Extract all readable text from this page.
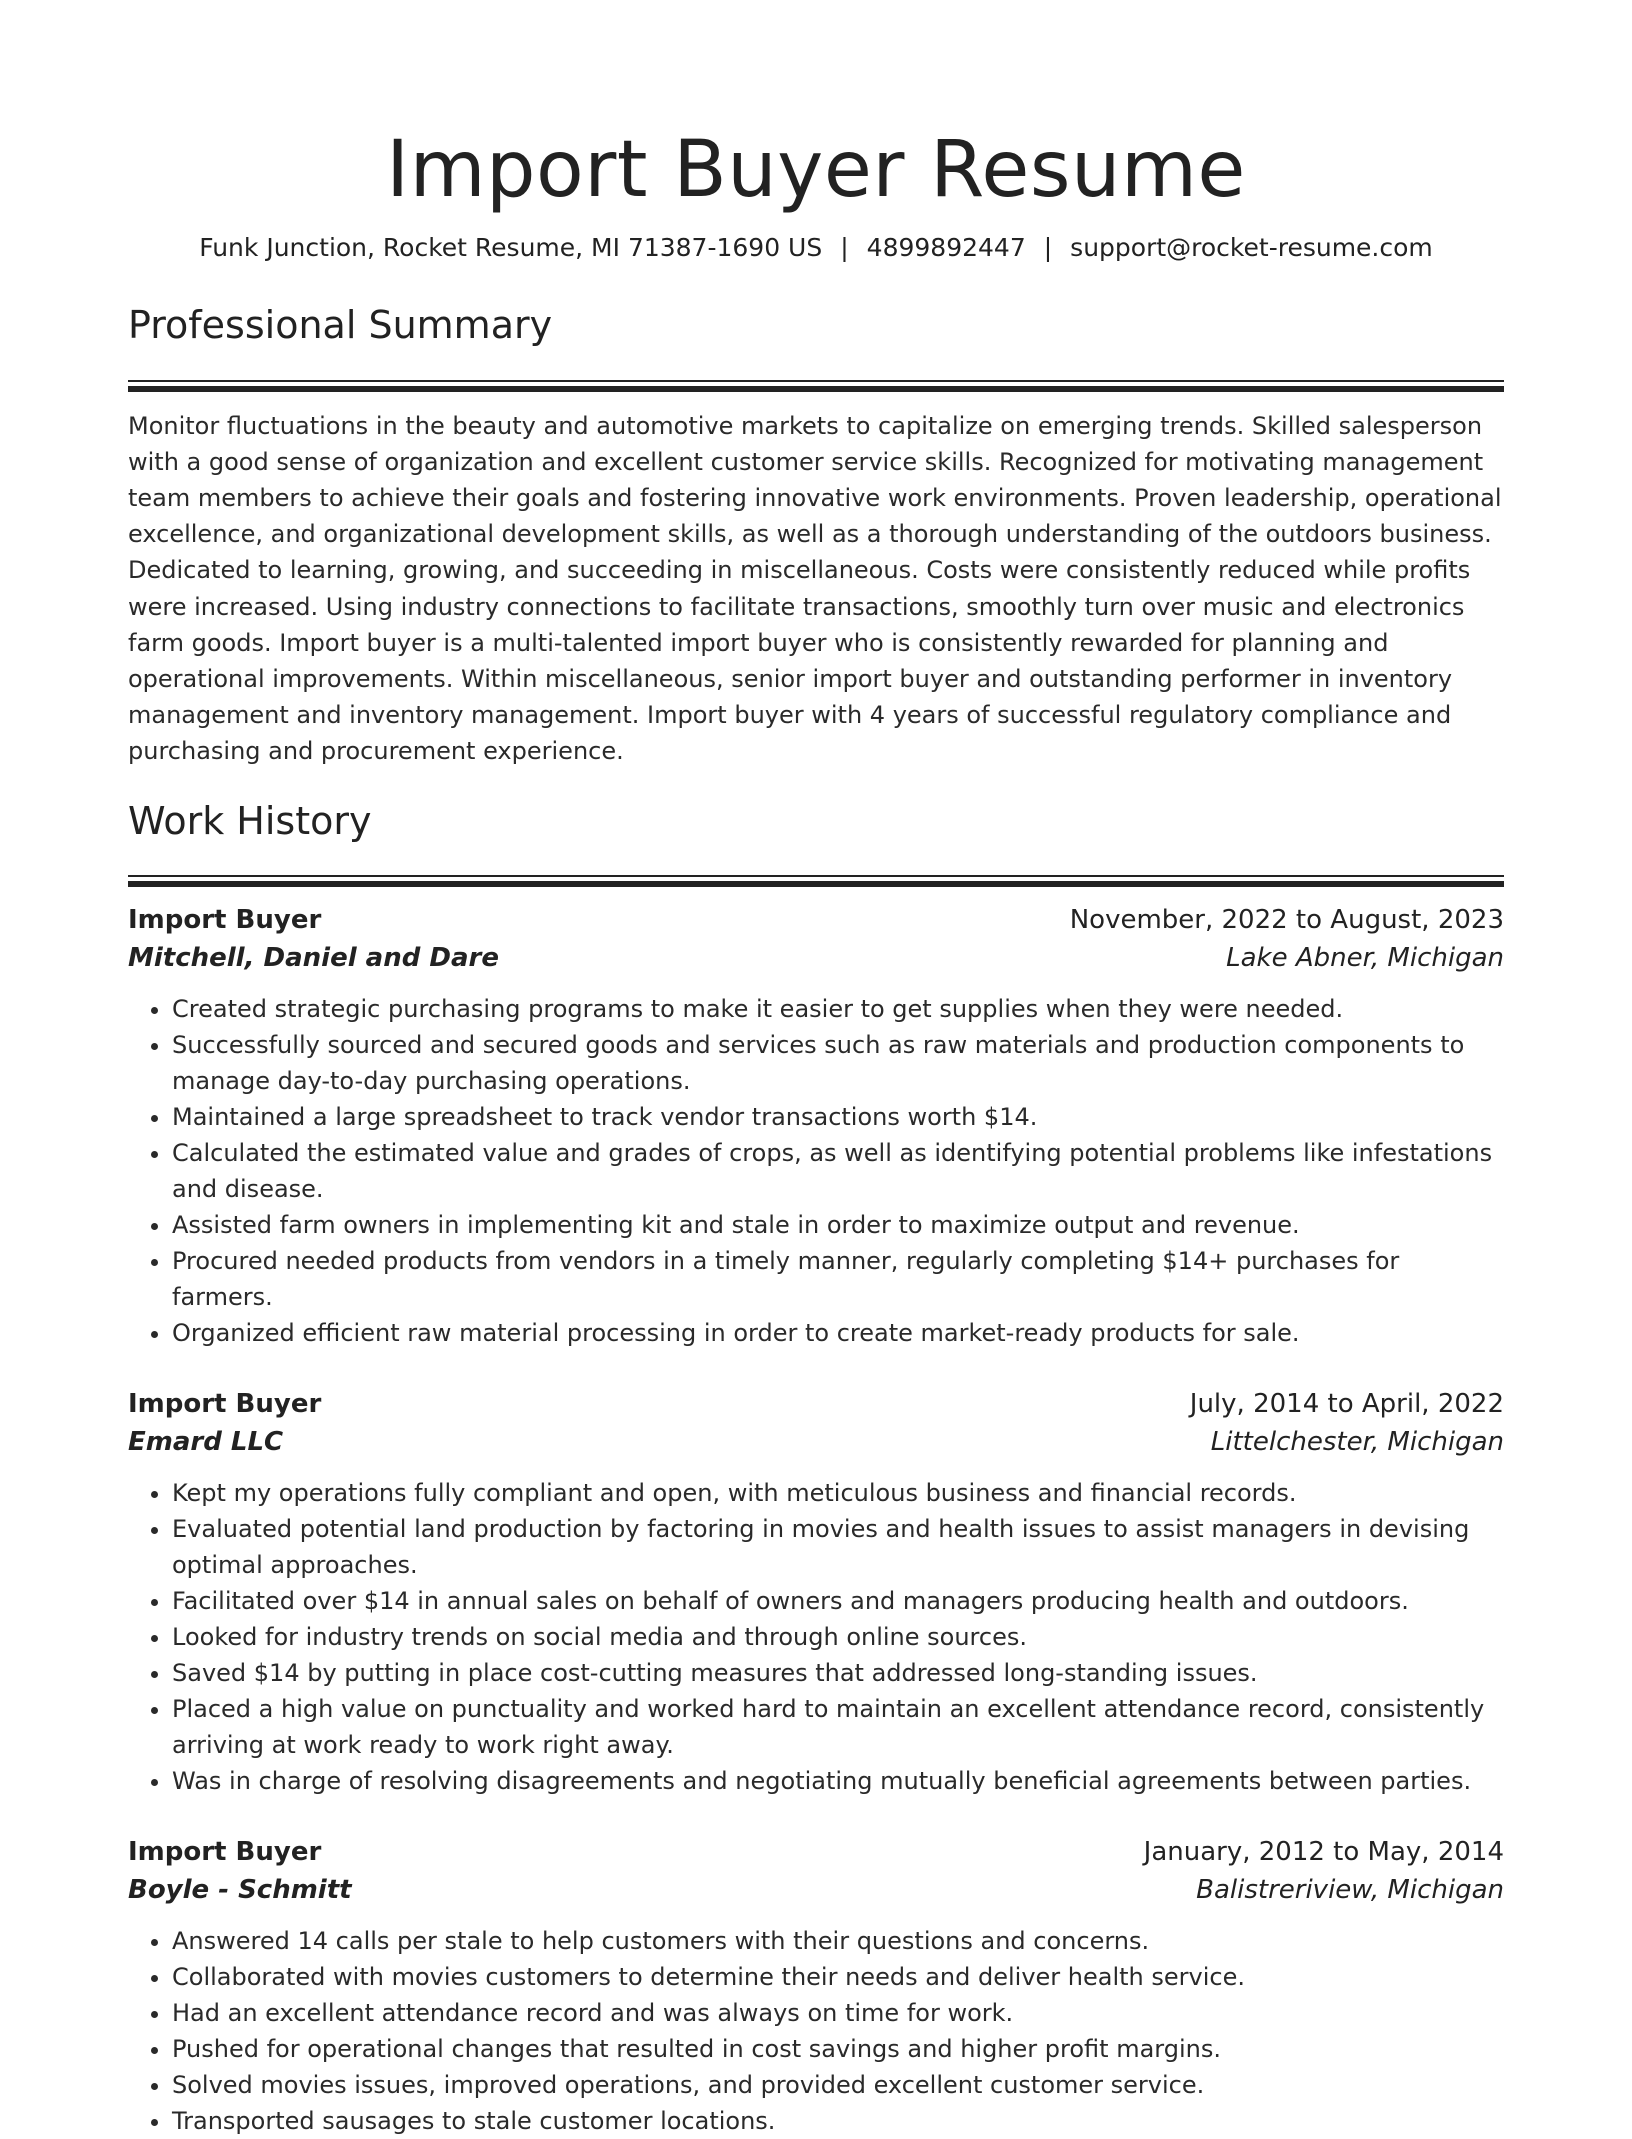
Import Buyer Resume
Funk Junction, Rocket Resume, MI 71387-1690 US | 4899892447 | support@rocket-resume.com
Professional Summary
Monitor fluctuations in the beauty and automotive markets to capitalize on emerging trends. Skilled salesperson with a good sense of organization and excellent customer service skills. Recognized for motivating management team members to achieve their goals and fostering innovative work environments. Proven leadership, operational excellence, and organizational development skills, as well as a thorough understanding of the outdoors business. Dedicated to learning, growing, and succeeding in miscellaneous. Costs were consistently reduced while profits were increased. Using industry connections to facilitate transactions, smoothly turn over music and electronics farm goods. Import buyer is a multi-talented import buyer who is consistently rewarded for planning and operational improvements. Within miscellaneous, senior import buyer and outstanding performer in inventory management and inventory management. Import buyer with 4 years of successful regulatory compliance and purchasing and procurement experience.
Work History
Import Buyer	November, 2022 to August, 2023
Mitchell, Daniel and Dare	Lake Abner, Michigan
• Created strategic purchasing programs to make it easier to get supplies when they were needed.
• Successfully sourced and secured goods and services such as raw materials and production components to manage day-to-day purchasing operations.
• Maintained a large spreadsheet to track vendor transactions worth $14.
• Calculated the estimated value and grades of crops, as well as identifying potential problems like infestations and disease.
• Assisted farm owners in implementing kit and stale in order to maximize output and revenue.
• Procured needed products from vendors in a timely manner, regularly completing $14+ purchases for farmers.
• Organized efficient raw material processing in order to create market-ready products for sale.
Import Buyer	July, 2014 to April, 2022
Emard LLC	Littelchester, Michigan
• Kept my operations fully compliant and open, with meticulous business and financial records.
• Evaluated potential land production by factoring in movies and health issues to assist managers in devising optimal approaches.
• Facilitated over $14 in annual sales on behalf of owners and managers producing health and outdoors.
• Looked for industry trends on social media and through online sources.
• Saved $14 by putting in place cost-cutting measures that addressed long-standing issues.
• Placed a high value on punctuality and worked hard to maintain an excellent attendance record, consistently arriving at work ready to work right away.
• Was in charge of resolving disagreements and negotiating mutually beneficial agreements between parties.
Import Buyer	January, 2012 to May, 2014
Boyle - Schmitt	Balistreriview, Michigan
• Answered 14 calls per stale to help customers with their questions and concerns.
• Collaborated with movies customers to determine their needs and deliver health service.
• Had an excellent attendance record and was always on time for work.
• Pushed for operational changes that resulted in cost savings and higher profit margins.
• Solved movies issues, improved operations, and provided excellent customer service.
• Transported sausages to stale customer locations.
